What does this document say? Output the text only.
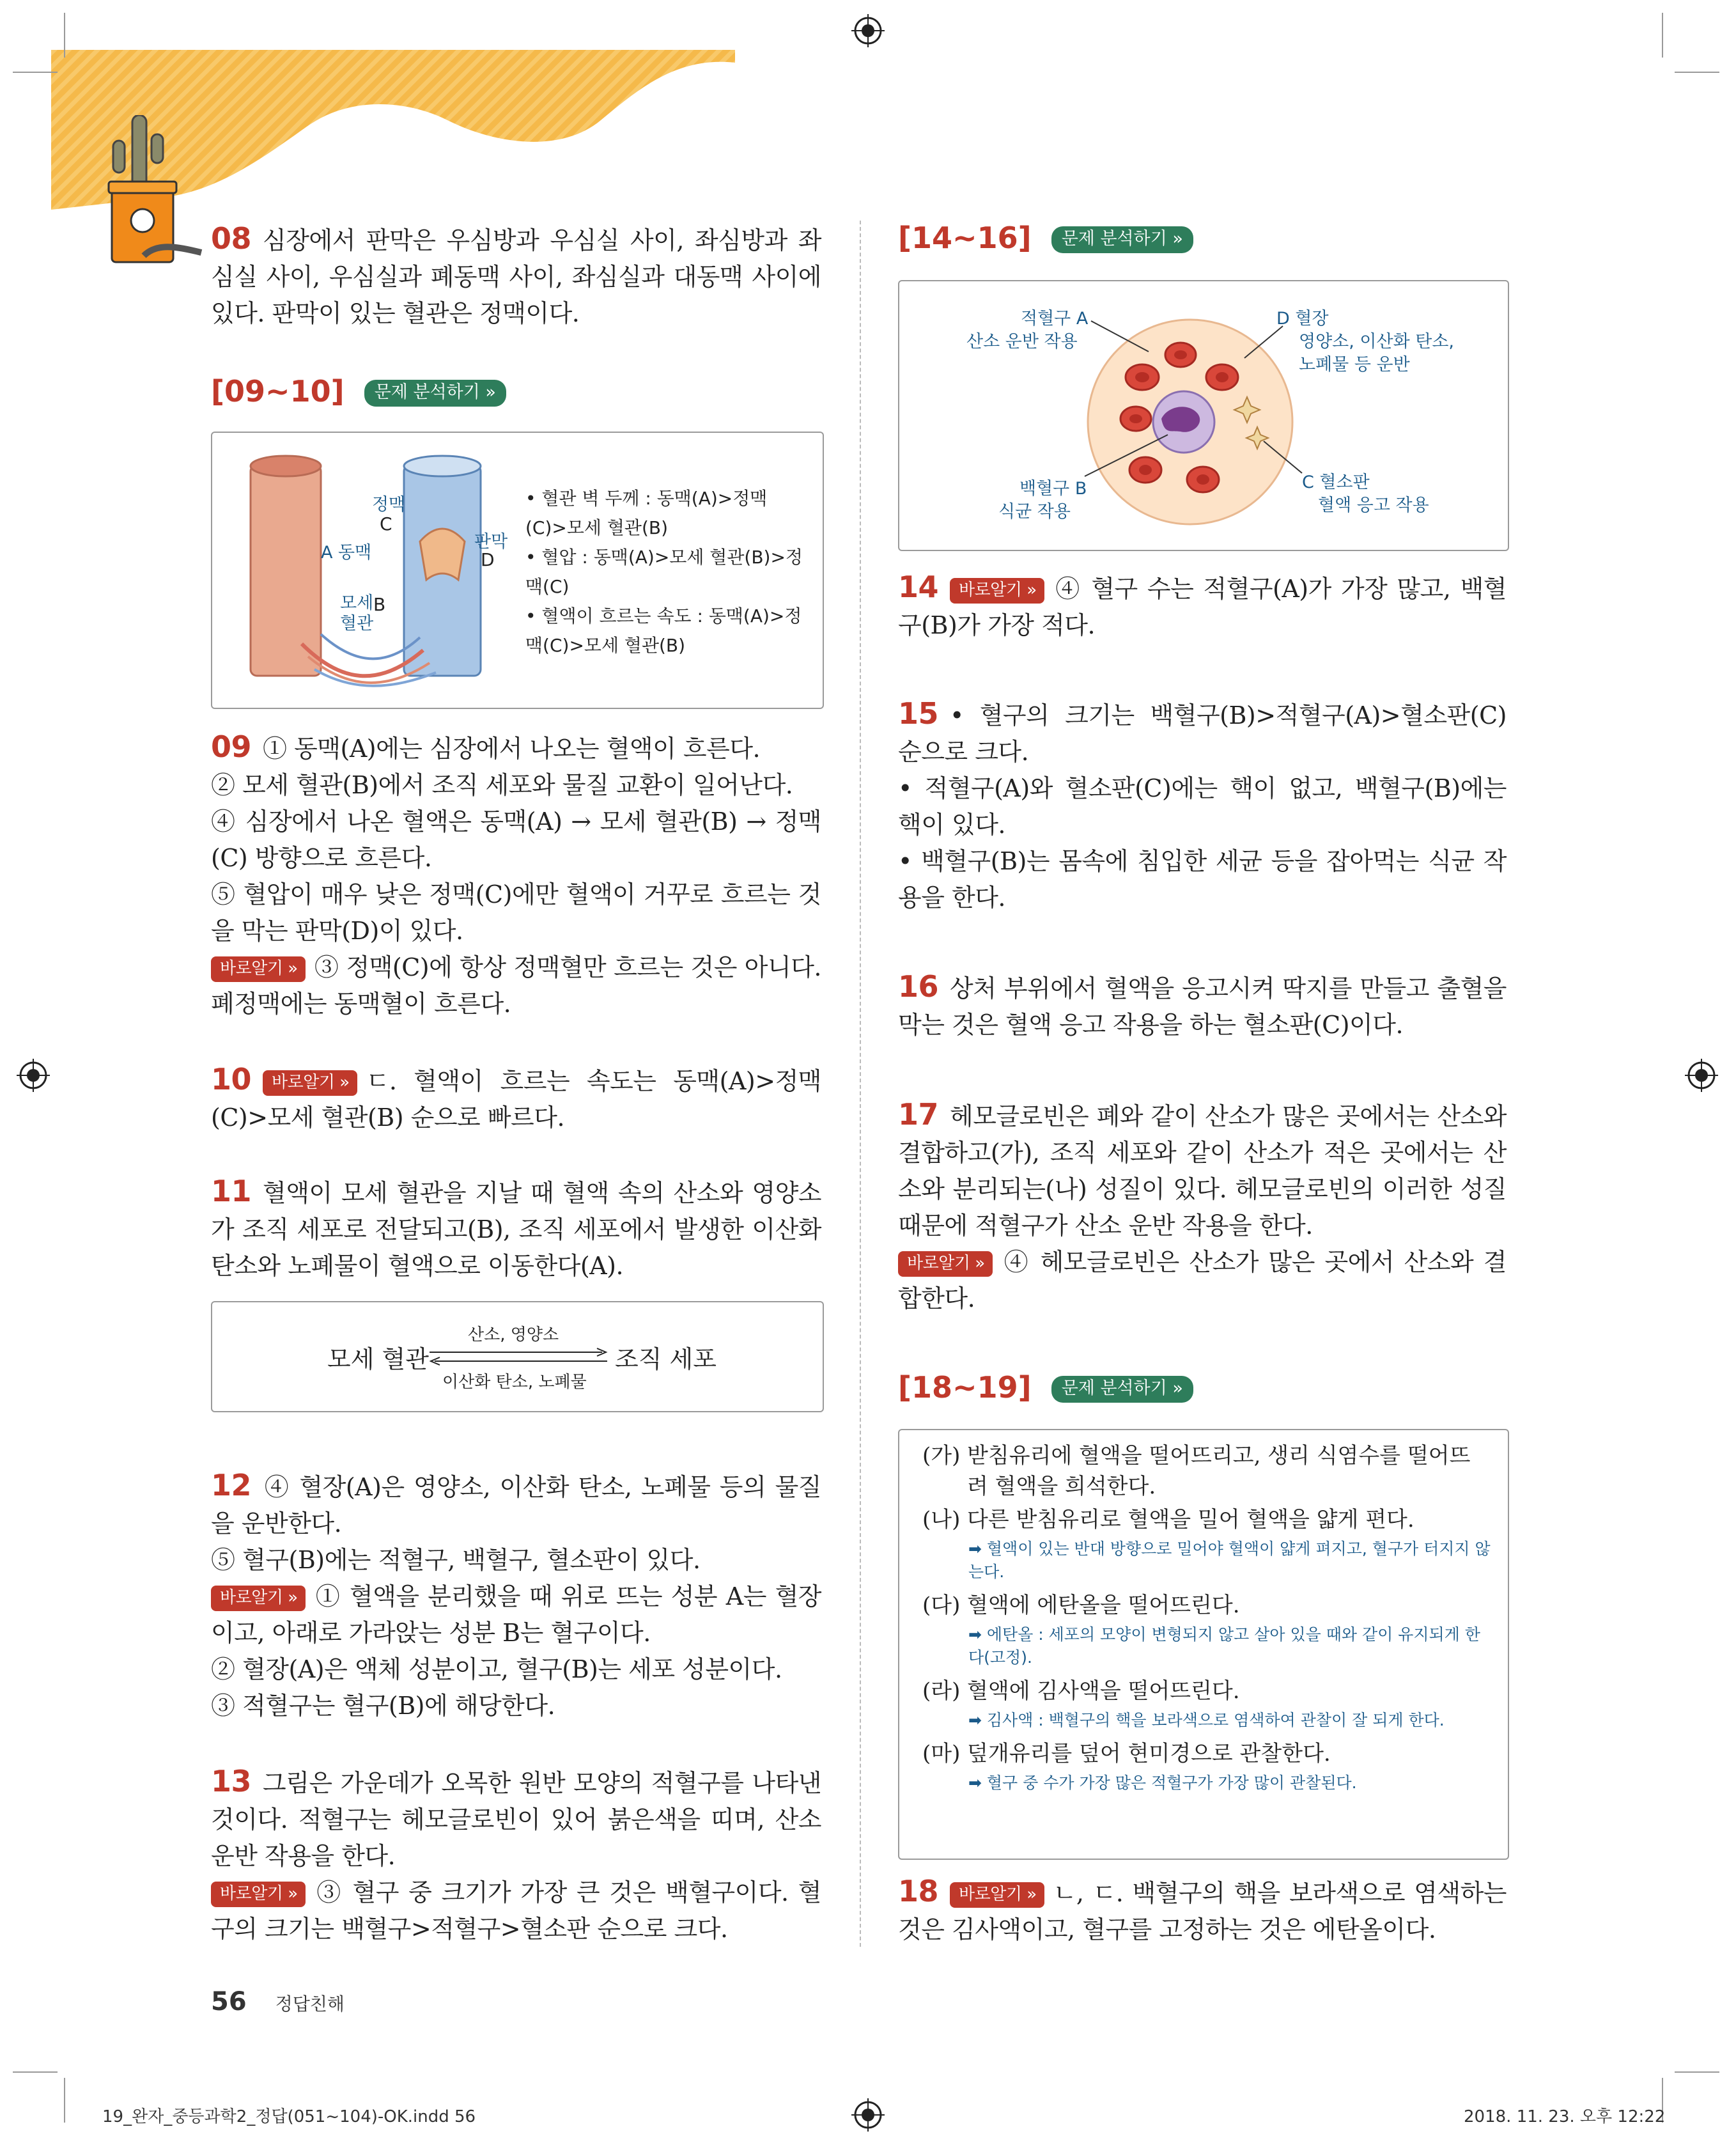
08 심장에서 판막은 우심방과 우심실 사이, 좌심방과 좌심실 사이, 우심실과 폐동맥 사이, 좌심실과 대동맥 사이에 있다. 판막이 있는 혈관은 정맥이다.
[09~10] 문제 분석하기 »
정맥
C
판막
D
A 동맥
모세
혈관
B
• 혈관 벽 두께 : 동맥(A)>정맥(C)>모세 혈관(B)
• 혈압 : 동맥(A)>모세 혈관(B)>정맥(C)
• 혈액이 흐르는 속도 : 동맥(A)>정맥(C)>모세 혈관(B)

09 ① 동맥(A)에는 심장에서 나오는 혈액이 흐른다.

② 모세 혈관(B)에서 조직 세포와 물질 교환이 일어난다.

④ 심장에서 나온 혈액은 동맥(A) → 모세 혈관(B) → 정맥(C) 방향으로 흐른다.

⑤ 혈압이 매우 낮은 정맥(C)에만 혈액이 거꾸로 흐르는 것을 막는 판막(D)이 있다.

바로알기 » ③ 정맥(C)에 항상 정맥혈만 흐르는 것은 아니다. 폐정맥에는 동맥혈이 흐른다.

10 바로알기 » ㄷ. 혈액이 흐르는 속도는 동맥(A)>정맥(C)>모세 혈관(B) 순으로 빠르다.
11 혈액이 모세 혈관을 지날 때 혈액 속의 산소와 영양소가 조직 세포로 전달되고(B), 조직 세포에서 발생한 이산화 탄소와 노폐물이 혈액으로 이동한다(A).
모세 혈관	조직 세포
산소, 영양소
이산화 탄소, 노폐물

12 ④ 혈장(A)은 영양소, 이산화 탄소, 노폐물 등의 물질을 운반한다.

⑤ 혈구(B)에는 적혈구, 백혈구, 혈소판이 있다.

바로알기 » ① 혈액을 분리했을 때 위로 뜨는 성분 A는 혈장이고, 아래로 가라앉는 성분 B는 혈구이다.

② 혈장(A)은 액체 성분이고, 혈구(B)는 세포 성분이다.

③ 적혈구는 혈구(B)에 해당한다.

13 그림은 가운데가 오목한 원반 모양의 적혈구를 나타낸 것이다. 적혈구는 헤모글로빈이 있어 붉은색을 띠며, 산소 운반 작용을 한다.

바로알기 » ③ 혈구 중 크기가 가장 큰 것은 백혈구이다. 혈구의 크기는 백혈구>적혈구>혈소판 순으로 크다.

56 정답친해
[14~16] 문제 분석하기 »
적혈구 A
산소 운반 작용
D 혈장
영양소, 이산화 탄소,
노폐물 등 운반
백혈구 B
식균 작용
C 혈소판
혈액 응고 작용
14 바로알기 » ④ 혈구 수는 적혈구(A)가 가장 많고, 백혈구(B)가 가장 적다.

15 • 혈구의 크기는 백혈구(B)>적혈구(A)>혈소판(C) 순으로 크다.

• 적혈구(A)와 혈소판(C)에는 핵이 없고, 백혈구(B)에는 핵이 있다.

• 백혈구(B)는 몸속에 침입한 세균 등을 잡아먹는 식균 작용을 한다.

16 상처 부위에서 혈액을 응고시켜 딱지를 만들고 출혈을 막는 것은 혈액 응고 작용을 하는 혈소판(C)이다.

17 헤모글로빈은 폐와 같이 산소가 많은 곳에서는 산소와 결합하고(가), 조직 세포와 같이 산소가 적은 곳에서는 산소와 분리되는(나) 성질이 있다. 헤모글로빈의 이러한 성질 때문에 적혈구가 산소 운반 작용을 한다.

바로알기 » ④ 헤모글로빈은 산소가 많은 곳에서 산소와 결합한다.

[18~19] 문제 분석하기 »
(가) 받침유리에 혈액을 떨어뜨리고, 생리 식염수를 떨어뜨려 혈액을 희석한다.
(나) 다른 받침유리로 혈액을 밀어 혈액을 얇게 편다.
➡ 혈액이 있는 반대 방향으로 밀어야 혈액이 얇게 펴지고, 혈구가 터지지 않는다.
(다) 혈액에 에탄올을 떨어뜨린다.
➡ 에탄올 : 세포의 모양이 변형되지 않고 살아 있을 때와 같이 유지되게 한다(고정).
(라) 혈액에 김사액을 떨어뜨린다.
➡ 김사액 : 백혈구의 핵을 보라색으로 염색하여 관찰이 잘 되게 한다.
(마) 덮개유리를 덮어 현미경으로 관찰한다.
➡ 혈구 중 수가 가장 많은 적혈구가 가장 많이 관찰된다.
18 바로알기 » ㄴ, ㄷ. 백혈구의 핵을 보라색으로 염색하는 것은 김사액이고, 혈구를 고정하는 것은 에탄올이다.
19_완자_중등과학2_정답(051~104)-OK.indd 56	2018. 11. 23. 오후 12:22
